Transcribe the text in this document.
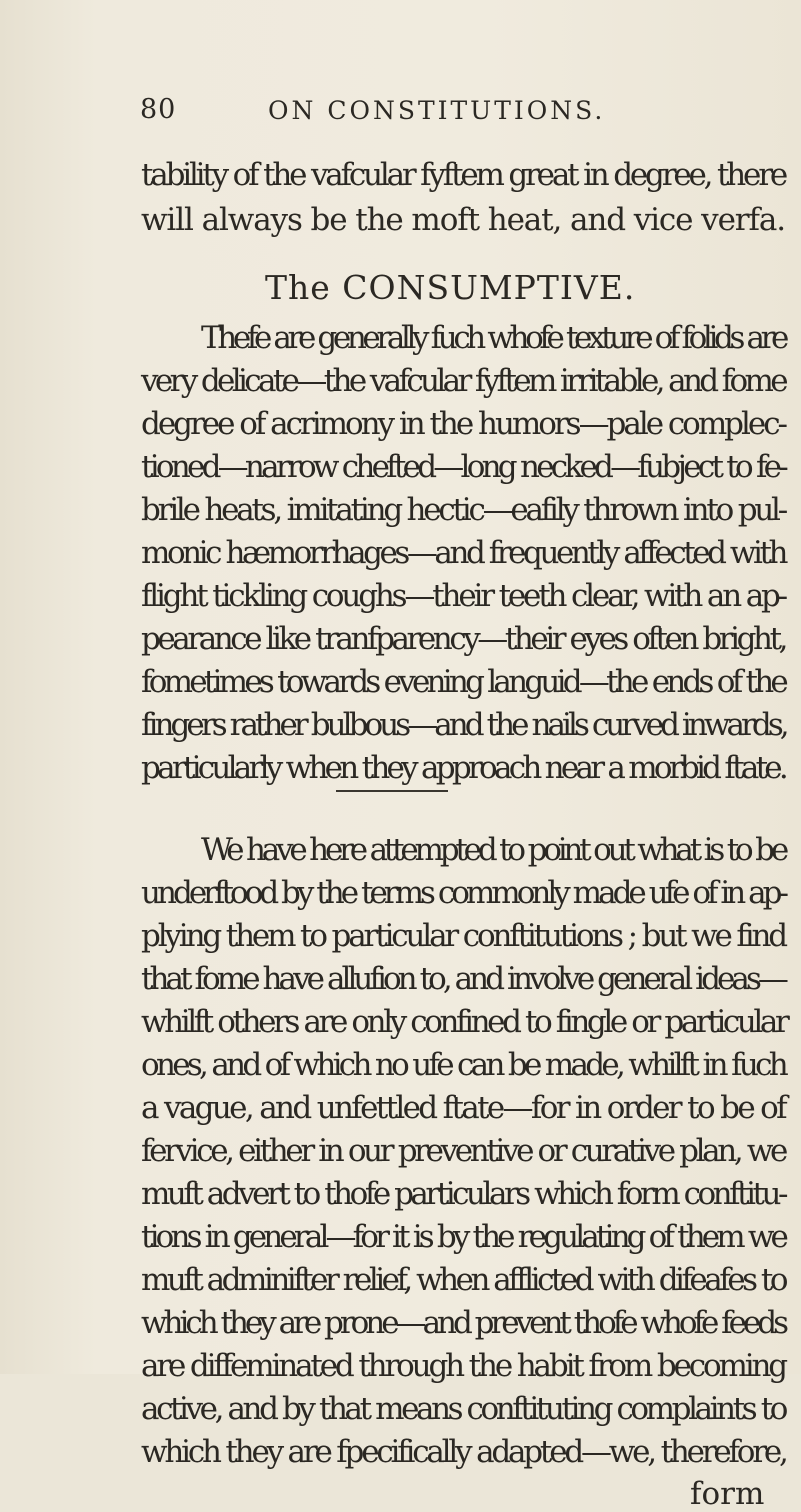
80	ON CONSTITUTIONS.
tability of the vafcular fyftem great in degree, there
will always be the moft heat, and vice verfa.
The CONSUMPTIVE.
Thefe are generally fuch whofe texture of folids are
very delicate—the vafcular fyftem irritable, and fome
degree of acrimony in the humors—pale complec-
tioned—narrow chefted—long necked—fubject to fe-
brile heats, imitating hectic—eafily thrown into pul-
monic hæmorrhages—and frequently affected with
flight tickling coughs—their teeth clear, with an ap-
pearance like tranfparency—their eyes often bright,
fometimes towards evening languid—the ends of the
fingers rather bulbous—and the nails curved inwards,
particularly when they approach near a morbid ftate.
We have here attempted to point out what is to be
underftood by the terms commonly made ufe of in ap-
plying them to particular conftitutions ; but we find
that fome have allufion to, and involve general ideas—
whilft others are only confined to fingle or particular
ones, and of which no ufe can be made, whilft in fuch
a vague, and unfettled ftate—for in order to be of
fervice, either in our preventive or curative plan, we
muft advert to thofe particulars which form conftitu-
tions in general—for it is by the regulating of them we
muft adminifter relief, when afflicted with difeafes to
which they are prone—and prevent thofe whofe feeds
are diffeminated through the habit from becoming
active, and by that means conftituting complaints to
which they are fpecifically adapted—we, therefore,
form
